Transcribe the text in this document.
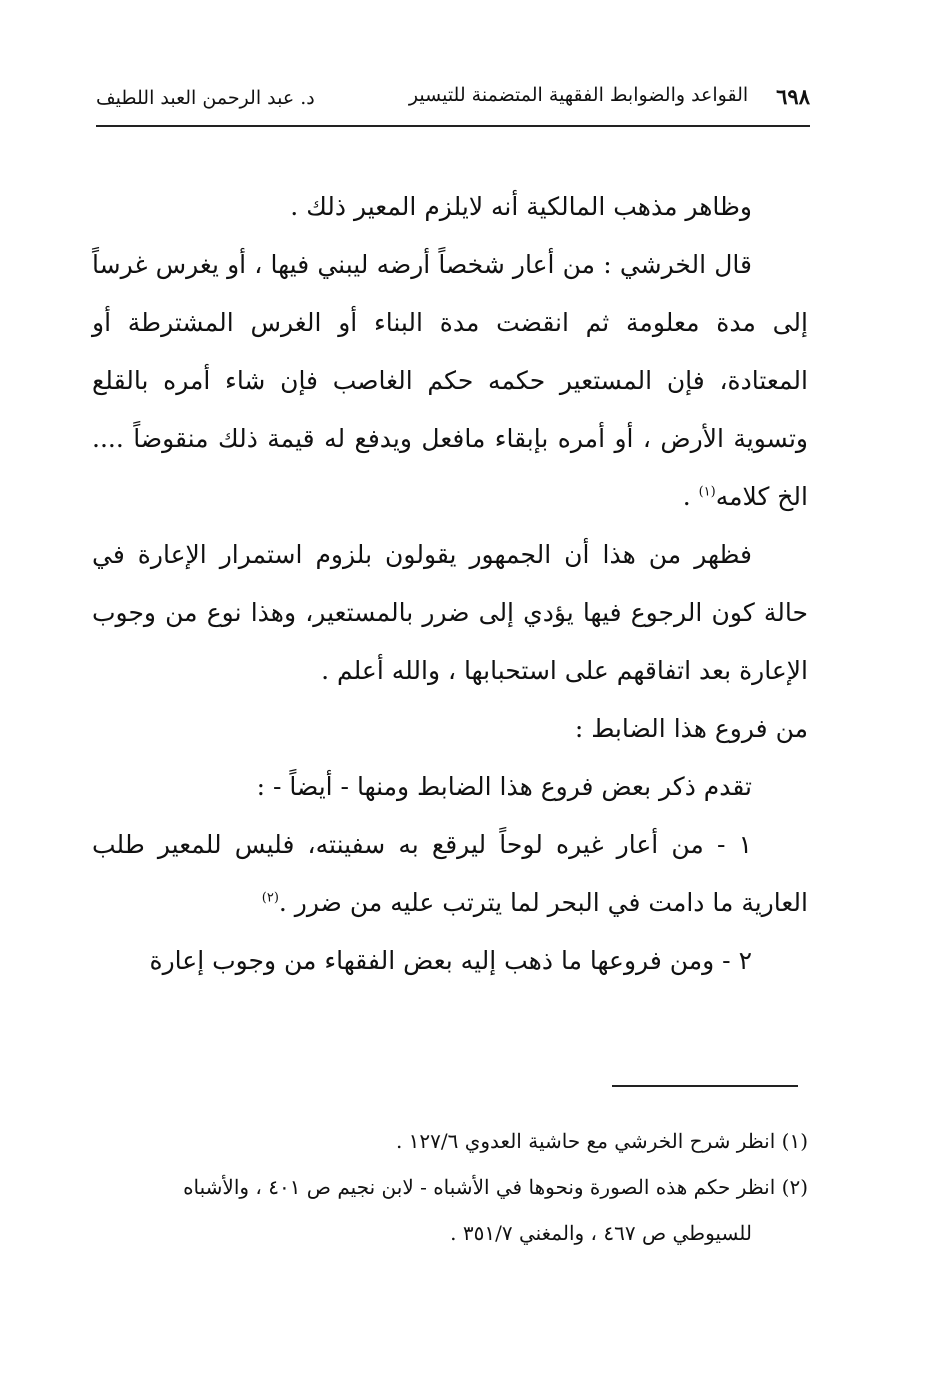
٦٩٨
القواعد والضوابط الفقهية المتضمنة للتيسير
د. عبد الرحمن العبد اللطيف

وظاهر مذهب المالكية أنه لايلزم المعير ذلك .

قال الخرشي : من أعار شخصاً أرضه ليبني فيها ، أو يغرس غرساً إلى مدة معلومة ثم انقضت مدة البناء أو الغرس المشترطة أو المعتادة، فإن المستعير حكمه حكم الغاصب فإن شاء أمره بالقلع وتسوية الأرض ، أو أمره بإبقاء مافعل ويدفع له قيمة ذلك منقوضاً .... الخ كلامه$^{(١)}$ .

فظهر من هذا أن الجمهور يقولون بلزوم استمرار الإعارة في حالة كون الرجوع فيها يؤدي إلى ضرر بالمستعير، وهذا نوع من وجوب الإعارة بعد اتفاقهم على استحبابها ، والله أعلم .

من فروع هذا الضابط :

تقدم ذكر بعض فروع هذا الضابط ومنها - أيضاً - :

١ - من أعار غيره لوحاً ليرقع به سفينته، فليس للمعير طلب العارية ما دامت في البحر لما يترتب عليه من ضرر .$^{(٢)}$

٢ - ومن فروعها ما ذهب إليه بعض الفقهاء من وجوب إعارة

(١) انظر شرح الخرشي مع حاشية العدوي ١٢٧/٦ .

(٢) انظر حكم هذه الصورة ونحوها في الأشباه - لابن نجيم ص ٤٠١ ، والأشباه

للسيوطي ص ٤٦٧ ، والمغني ٣٥١/٧ .
